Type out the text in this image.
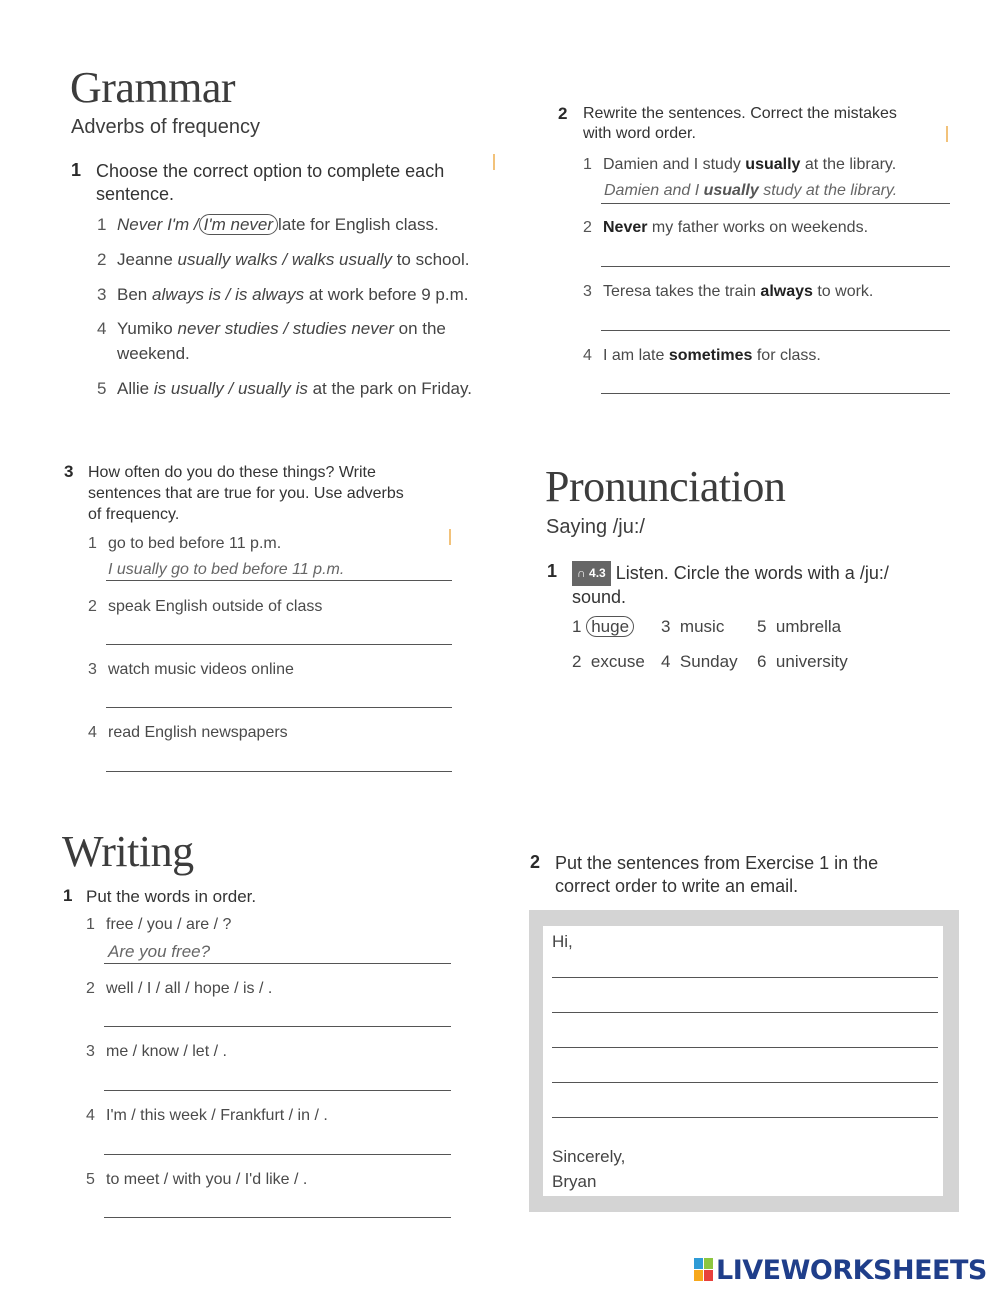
Grammar
Adverbs of frequency
1 Choose the correct option to complete each
sentence.
1 Never I'm / I'm never late for English class.
2 Jeanne usually walks / walks usually to school.
3 Ben always is / is always at work before 9 p.m.
4 Yumiko never studies / studies never on the
weekend.
5 Allie is usually / usually is at the park on Friday.
2 Rewrite the sentences. Correct the mistakes
with word order.
1 Damien and I study usually at the library.
Damien and I usually study at the library.
2 Never my father works on weekends.
3 Teresa takes the train always to work.
4 I am late sometimes for class.
3 How often do you do these things? Write
sentences that are true for you. Use adverbs
of frequency.
1 go to bed before 11 p.m.
I usually go to bed before 11 p.m.
2 speak English outside of class
3 watch music videos online
4 read English newspapers
Pronunciation
Saying /ju:/
1	∩ 4.3 Listen. Circle the words with a /ju:/
sound.
1 huge 3 music 5 umbrella
2 excuse 4 Sunday 6 university
Writing
1 Put the words in order.
1 free / you / are / ?
Are you free?
2 well / I / all / hope / is / .
3 me / know / let / .
4 I'm / this week / Frankfurt / in / .
5 to meet / with you / I'd like / .
2 Put the sentences from Exercise 1 in the
correct order to write an email.
Hi,
Sincerely,
Bryan
LIVEWORKSHEETS
